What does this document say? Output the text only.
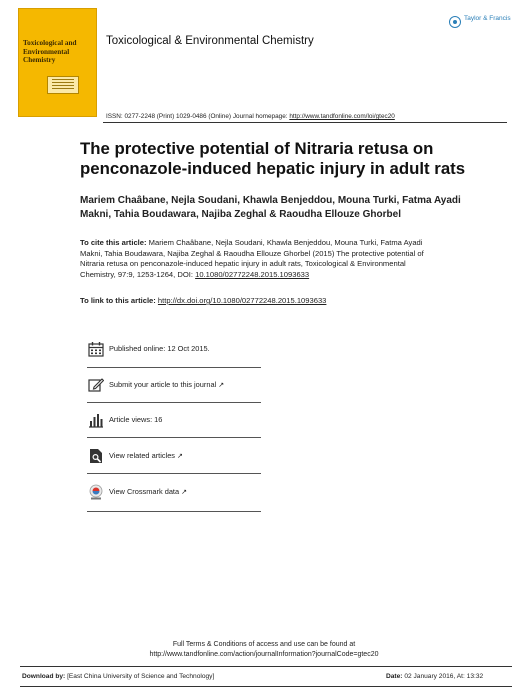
Toxicological and Environmental Chemistry
Toxicological & Environmental Chemistry
Taylor & Francis
ISSN: 0277-2248 (Print) 1029-0486 (Online) Journal homepage: http://www.tandfonline.com/loi/gtec20
The protective potential of Nitraria retusa on penconazole-induced hepatic injury in adult rats
Mariem Chaâbane, Nejla Soudani, Khawla Benjeddou, Mouna Turki, Fatma Ayadi Makni, Tahia Boudawara, Najiba Zeghal & Raoudha Ellouze Ghorbel
To cite this article: Mariem Chaâbane, Nejla Soudani, Khawla Benjeddou, Mouna Turki, Fatma Ayadi Makni, Tahia Boudawara, Najiba Zeghal & Raoudha Ellouze Ghorbel (2015) The protective potential of Nitraria retusa on penconazole-induced hepatic injury in adult rats, Toxicological & Environmental Chemistry, 97:9, 1253-1264, DOI: 10.1080/02772248.2015.1093633
To link to this article: http://dx.doi.org/10.1080/02772248.2015.1093633
Published online: 12 Oct 2015.
Submit your article to this journal ↗
Article views: 16
View related articles ↗
View Crossmark data ↗
Full Terms & Conditions of access and use can be found at
http://www.tandfonline.com/action/journalInformation?journalCode=gtec20
Download by: [East China University of Science and Technology]	Date: 02 January 2016, At: 13:32
